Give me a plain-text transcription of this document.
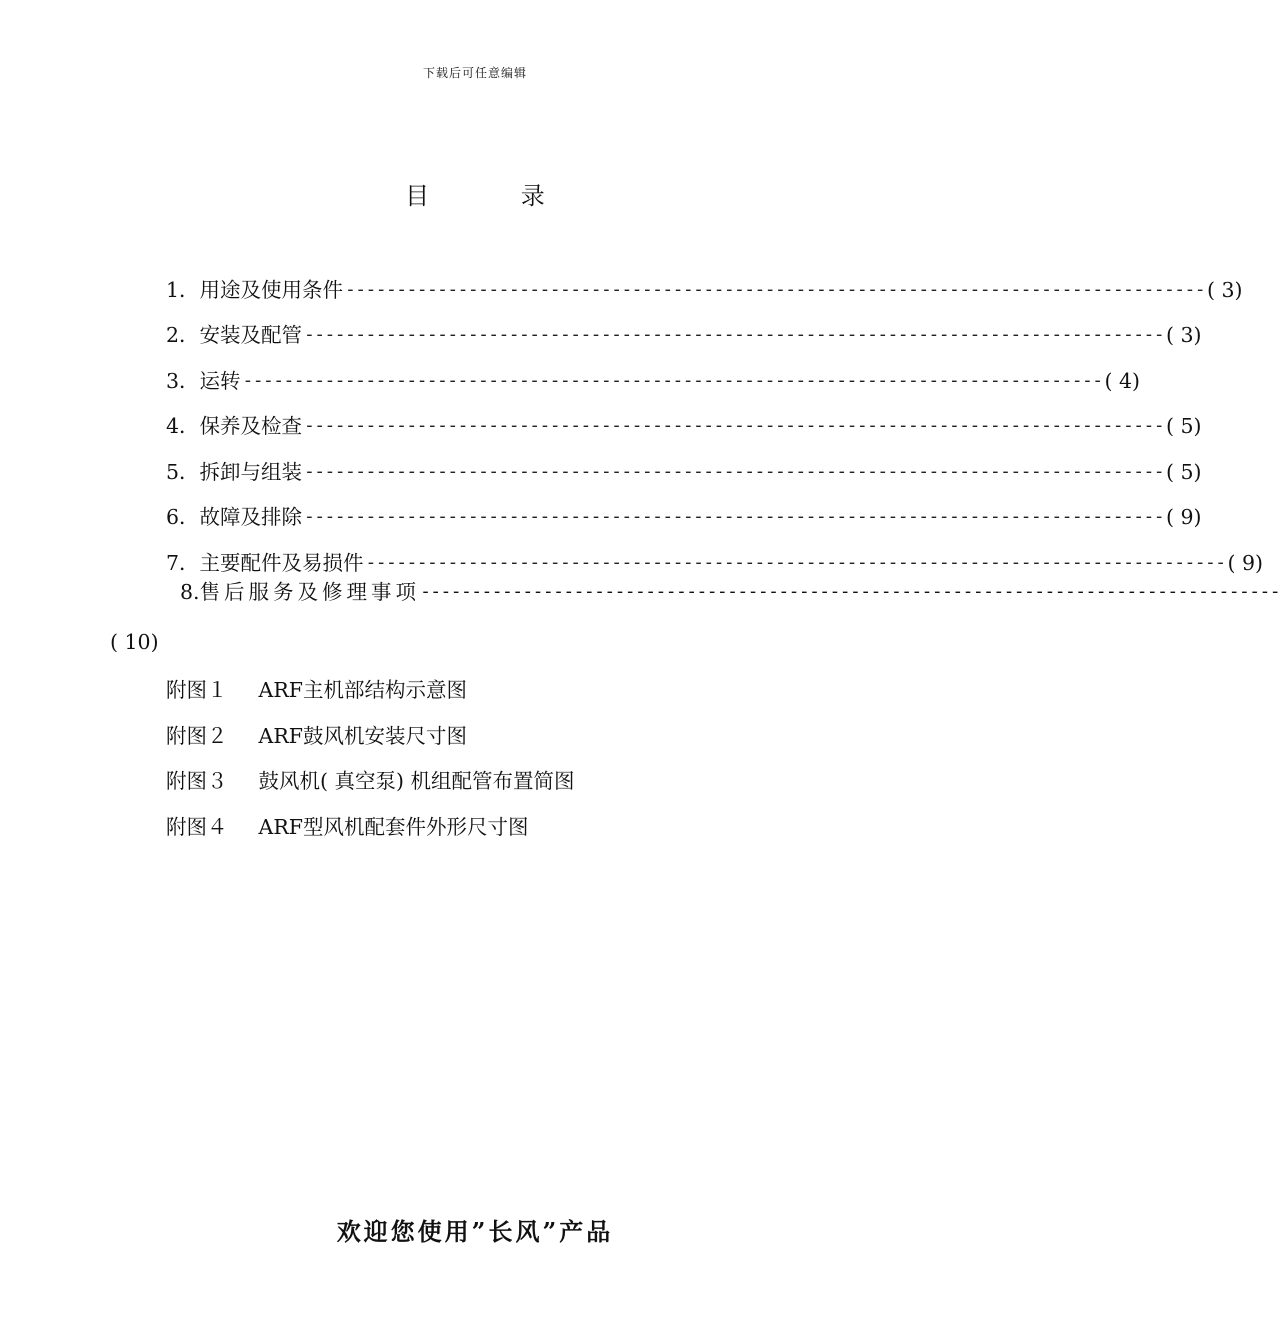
下载后可任意编辑
目 录
1． 用途及使用条件 ------------------------------------------------------------------------------------ ( 3)
2． 安装及配管 ------------------------------------------------------------------------------------ ( 3)
3． 运转 ------------------------------------------------------------------------------------ ( 4)
4． 保养及检查 ------------------------------------------------------------------------------------ ( 5)
5． 拆卸与组装 ------------------------------------------------------------------------------------ ( 5)
6． 故障及排除 ------------------------------------------------------------------------------------ ( 9)
7． 主要配件及易损件 ------------------------------------------------------------------------------------ ( 9)
8. 售后服务及修理事项 ------------------------------------------------------------------------------------
( 10)
附图１ ARF主机部结构示意图
附图２ ARF鼓风机安装尺寸图
附图３ 鼓风机( 真空泵) 机组配管布置简图
附图４ ARF型风机配套件外形尺寸图
欢迎您使用”长风”产品
